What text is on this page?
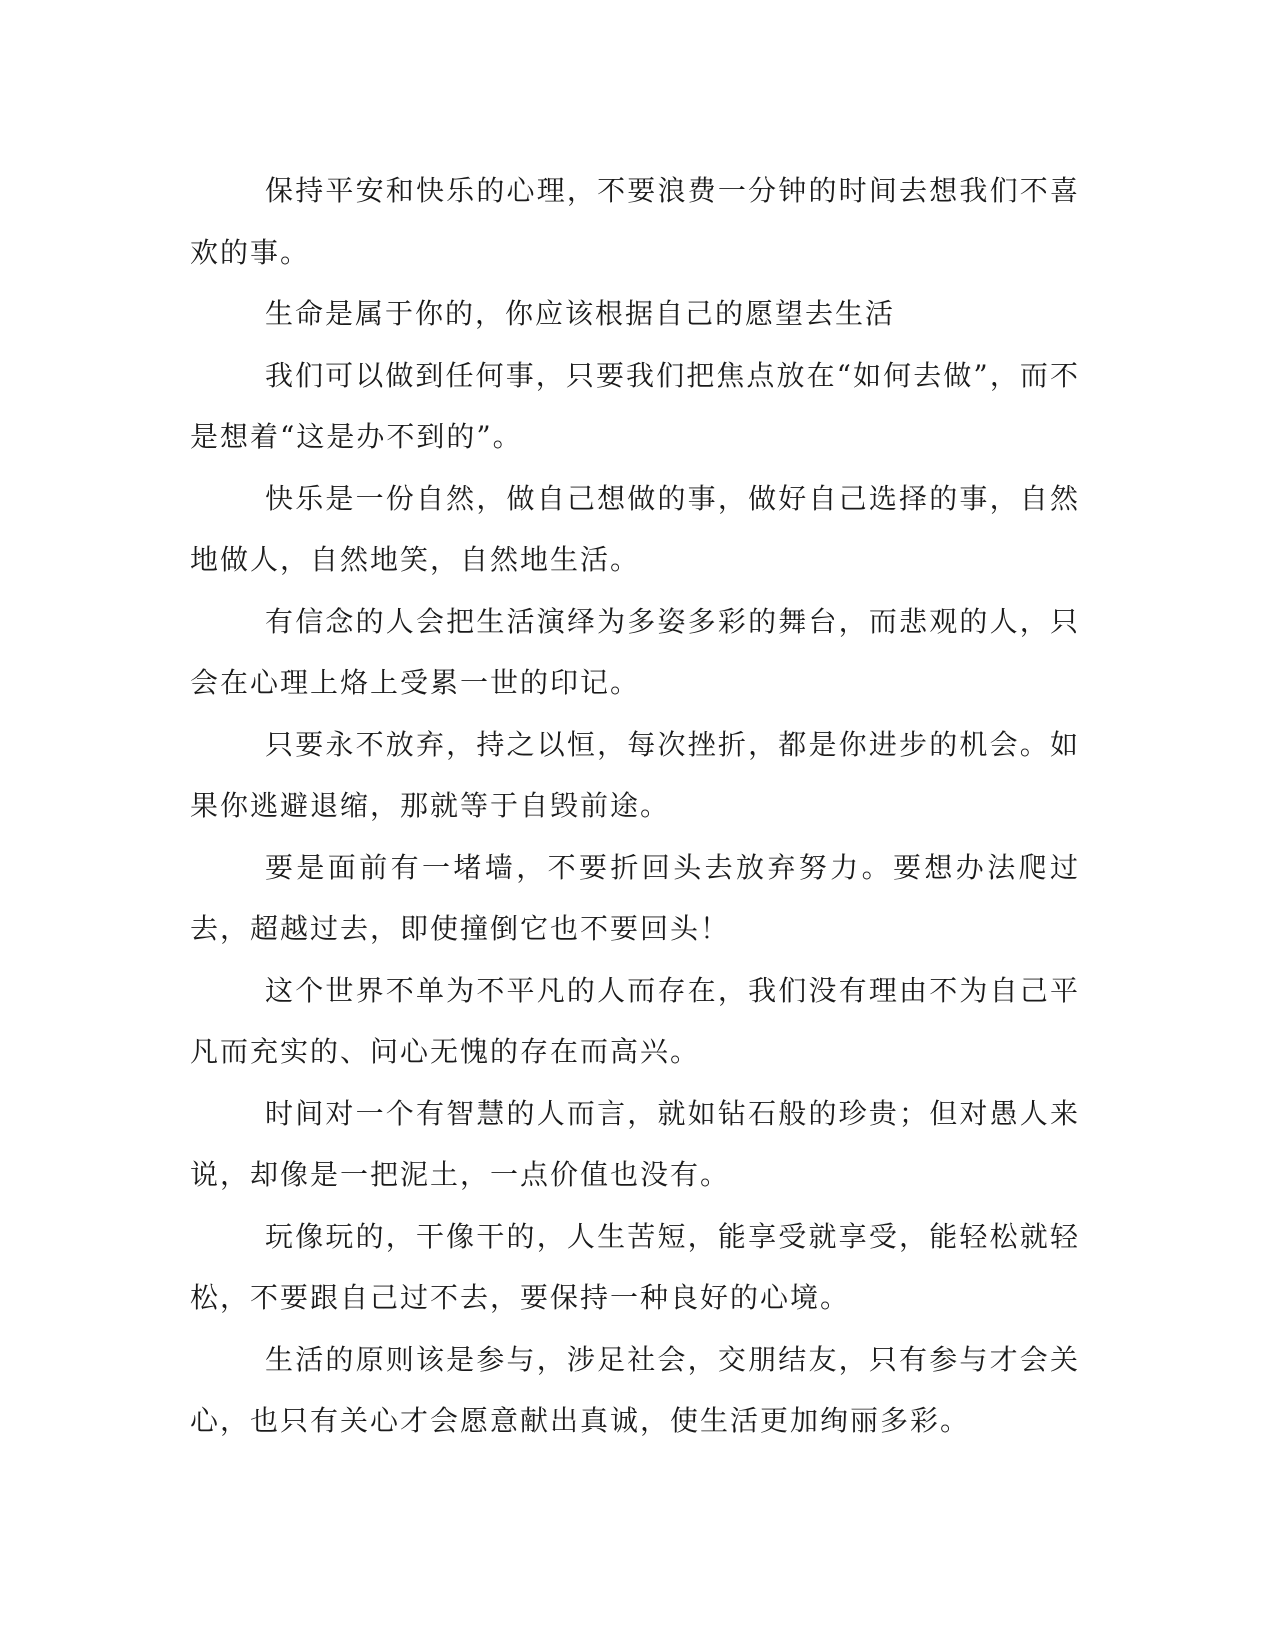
保持平安和快乐的心理，不要浪费一分钟的时间去想我们不喜欢的事。

生命是属于你的，你应该根据自己的愿望去生活

我们可以做到任何事，只要我们把焦点放在“如何去做”，而不是想着“这是办不到的”。

快乐是一份自然，做自己想做的事，做好自己选择的事，自然地做人，自然地笑，自然地生活。

有信念的人会把生活演绎为多姿多彩的舞台，而悲观的人，只会在心理上烙上受累一世的印记。

只要永不放弃，持之以恒，每次挫折，都是你进步的机会。如果你逃避退缩，那就等于自毁前途。

要是面前有一堵墙，不要折回头去放弃努力。要想办法爬过去，超越过去，即使撞倒它也不要回头！

这个世界不单为不平凡的人而存在，我们没有理由不为自己平凡而充实的、问心无愧的存在而高兴。

时间对一个有智慧的人而言，就如钻石般的珍贵；但对愚人来说，却像是一把泥土，一点价值也没有。

玩像玩的，干像干的，人生苦短，能享受就享受，能轻松就轻松，不要跟自己过不去，要保持一种良好的心境。

生活的原则该是参与，涉足社会，交朋结友，只有参与才会关心，也只有关心才会愿意献出真诚，使生活更加绚丽多彩。
